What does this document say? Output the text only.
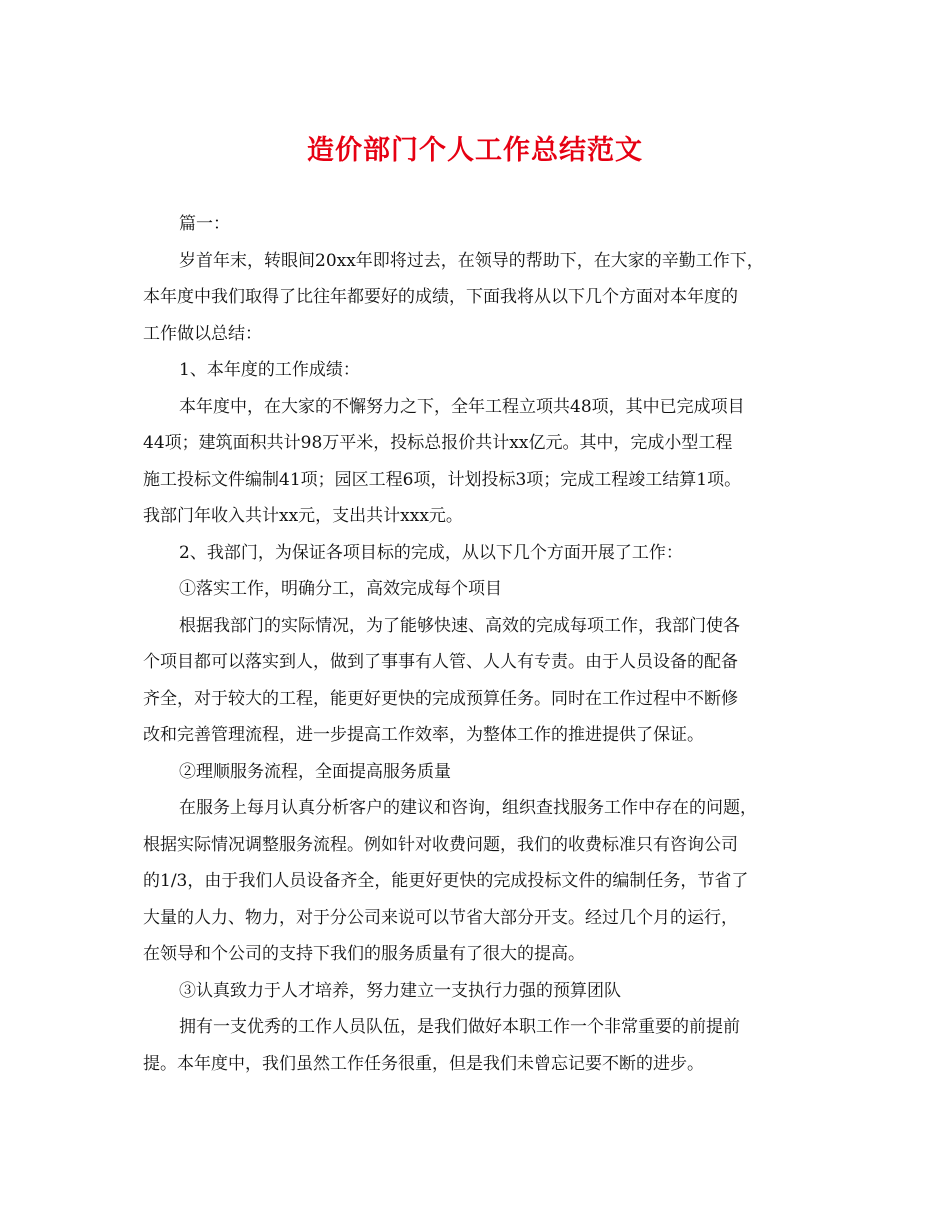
造价部门个人工作总结范文
篇一：
岁首年末，转眼间20xx年即将过去，在领导的帮助下，在大家的辛勤工作下，
本年度中我们取得了比往年都要好的成绩，下面我将从以下几个方面对本年度的
工作做以总结：
1、本年度的工作成绩：
本年度中，在大家的不懈努力之下，全年工程立项共48项，其中已完成项目
44项；建筑面积共计98万平米，投标总报价共计xx亿元。其中，完成小型工程
施工投标文件编制41项；园区工程6项，计划投标3项；完成工程竣工结算1项。
我部门年收入共计xx元，支出共计xxx元。
2、我部门，为保证各项目标的完成，从以下几个方面开展了工作：
①落实工作，明确分工，高效完成每个项目
根据我部门的实际情况，为了能够快速、高效的完成每项工作，我部门使各
个项目都可以落实到人，做到了事事有人管、人人有专责。由于人员设备的配备
齐全，对于较大的工程，能更好更快的完成预算任务。同时在工作过程中不断修
改和完善管理流程，进一步提高工作效率，为整体工作的推进提供了保证。
②理顺服务流程，全面提高服务质量
在服务上每月认真分析客户的建议和咨询，组织查找服务工作中存在的问题，
根据实际情况调整服务流程。例如针对收费问题，我们的收费标准只有咨询公司
的1/3，由于我们人员设备齐全，能更好更快的完成投标文件的编制任务，节省了
大量的人力、物力，对于分公司来说可以节省大部分开支。经过几个月的运行，
在领导和个公司的支持下我们的服务质量有了很大的提高。
③认真致力于人才培养，努力建立一支执行力强的预算团队
拥有一支优秀的工作人员队伍，是我们做好本职工作一个非常重要的前提前
提。本年度中，我们虽然工作任务很重，但是我们未曾忘记要不断的进步。
